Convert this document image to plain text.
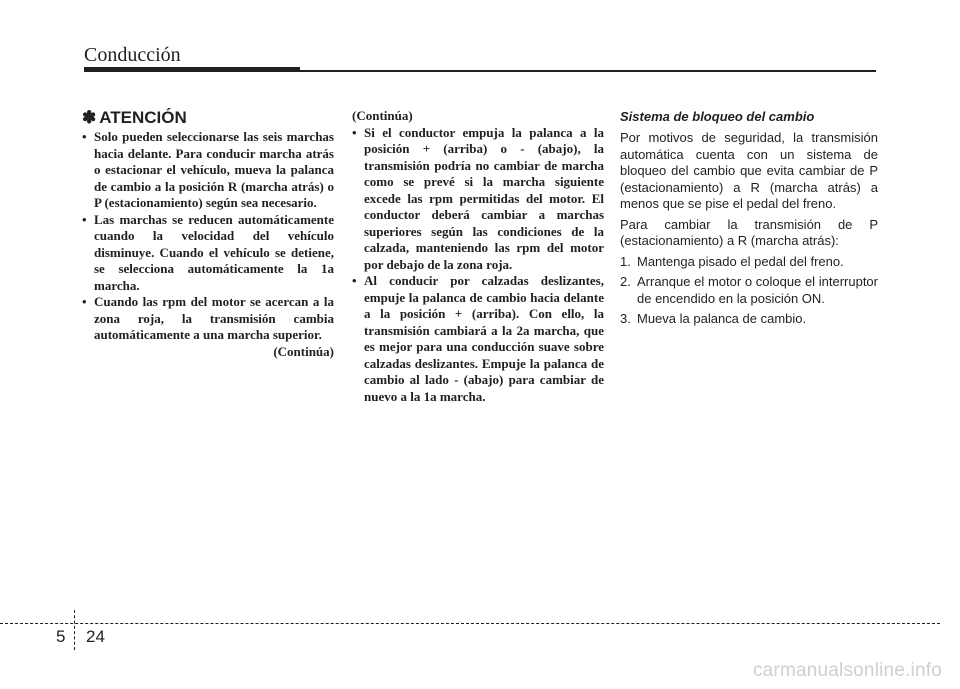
Conducción
✽ ATENCIÓN
• Solo pueden seleccionarse las seis marchas hacia delante. Para conducir marcha atrás o estacionar el vehículo, mueva la palanca de cambio a la posición R (marcha atrás) o P (estacionamiento) según sea necesario.
• Las marchas se reducen automáticamente cuando la velocidad del vehículo disminuye. Cuando el vehículo se detiene, se selecciona automáticamente la 1a marcha.
• Cuando las rpm del motor se acercan a la zona roja, la transmisión cambia automáticamente a una marcha superior.
(Continúa)
(Continúa)
• Si el conductor empuja la palanca a la posición + (arriba) o - (abajo), la transmisión podría no cambiar de marcha como se prevé si la marcha siguiente excede las rpm permitidas del motor. El conductor deberá cambiar a marchas superiores según las condiciones de la calzada, manteniendo las rpm del motor por debajo de la zona roja.
• Al conducir por calzadas deslizantes, empuje la palanca de cambio hacia delante a la posición + (arriba). Con ello, la transmisión cambiará a la 2a marcha, que es mejor para una conducción suave sobre calzadas deslizantes. Empuje la palanca de cambio al lado - (abajo) para cambiar de nuevo a la 1a marcha.
Sistema de bloqueo del cambio

Por motivos de seguridad, la transmisión automática cuenta con un sistema de bloqueo del cambio que evita cambiar de P (estacionamiento) a R (marcha atrás) a menos que se pise el pedal del freno.

Para cambiar la transmisión de P (estacionamiento) a R (marcha atrás):

1. Mantenga pisado el pedal del freno.
2. Arranque el motor o coloque el interruptor de encendido en la posición ON.
3. Mueva la palanca de cambio.
5 24
carmanualsonline.info
